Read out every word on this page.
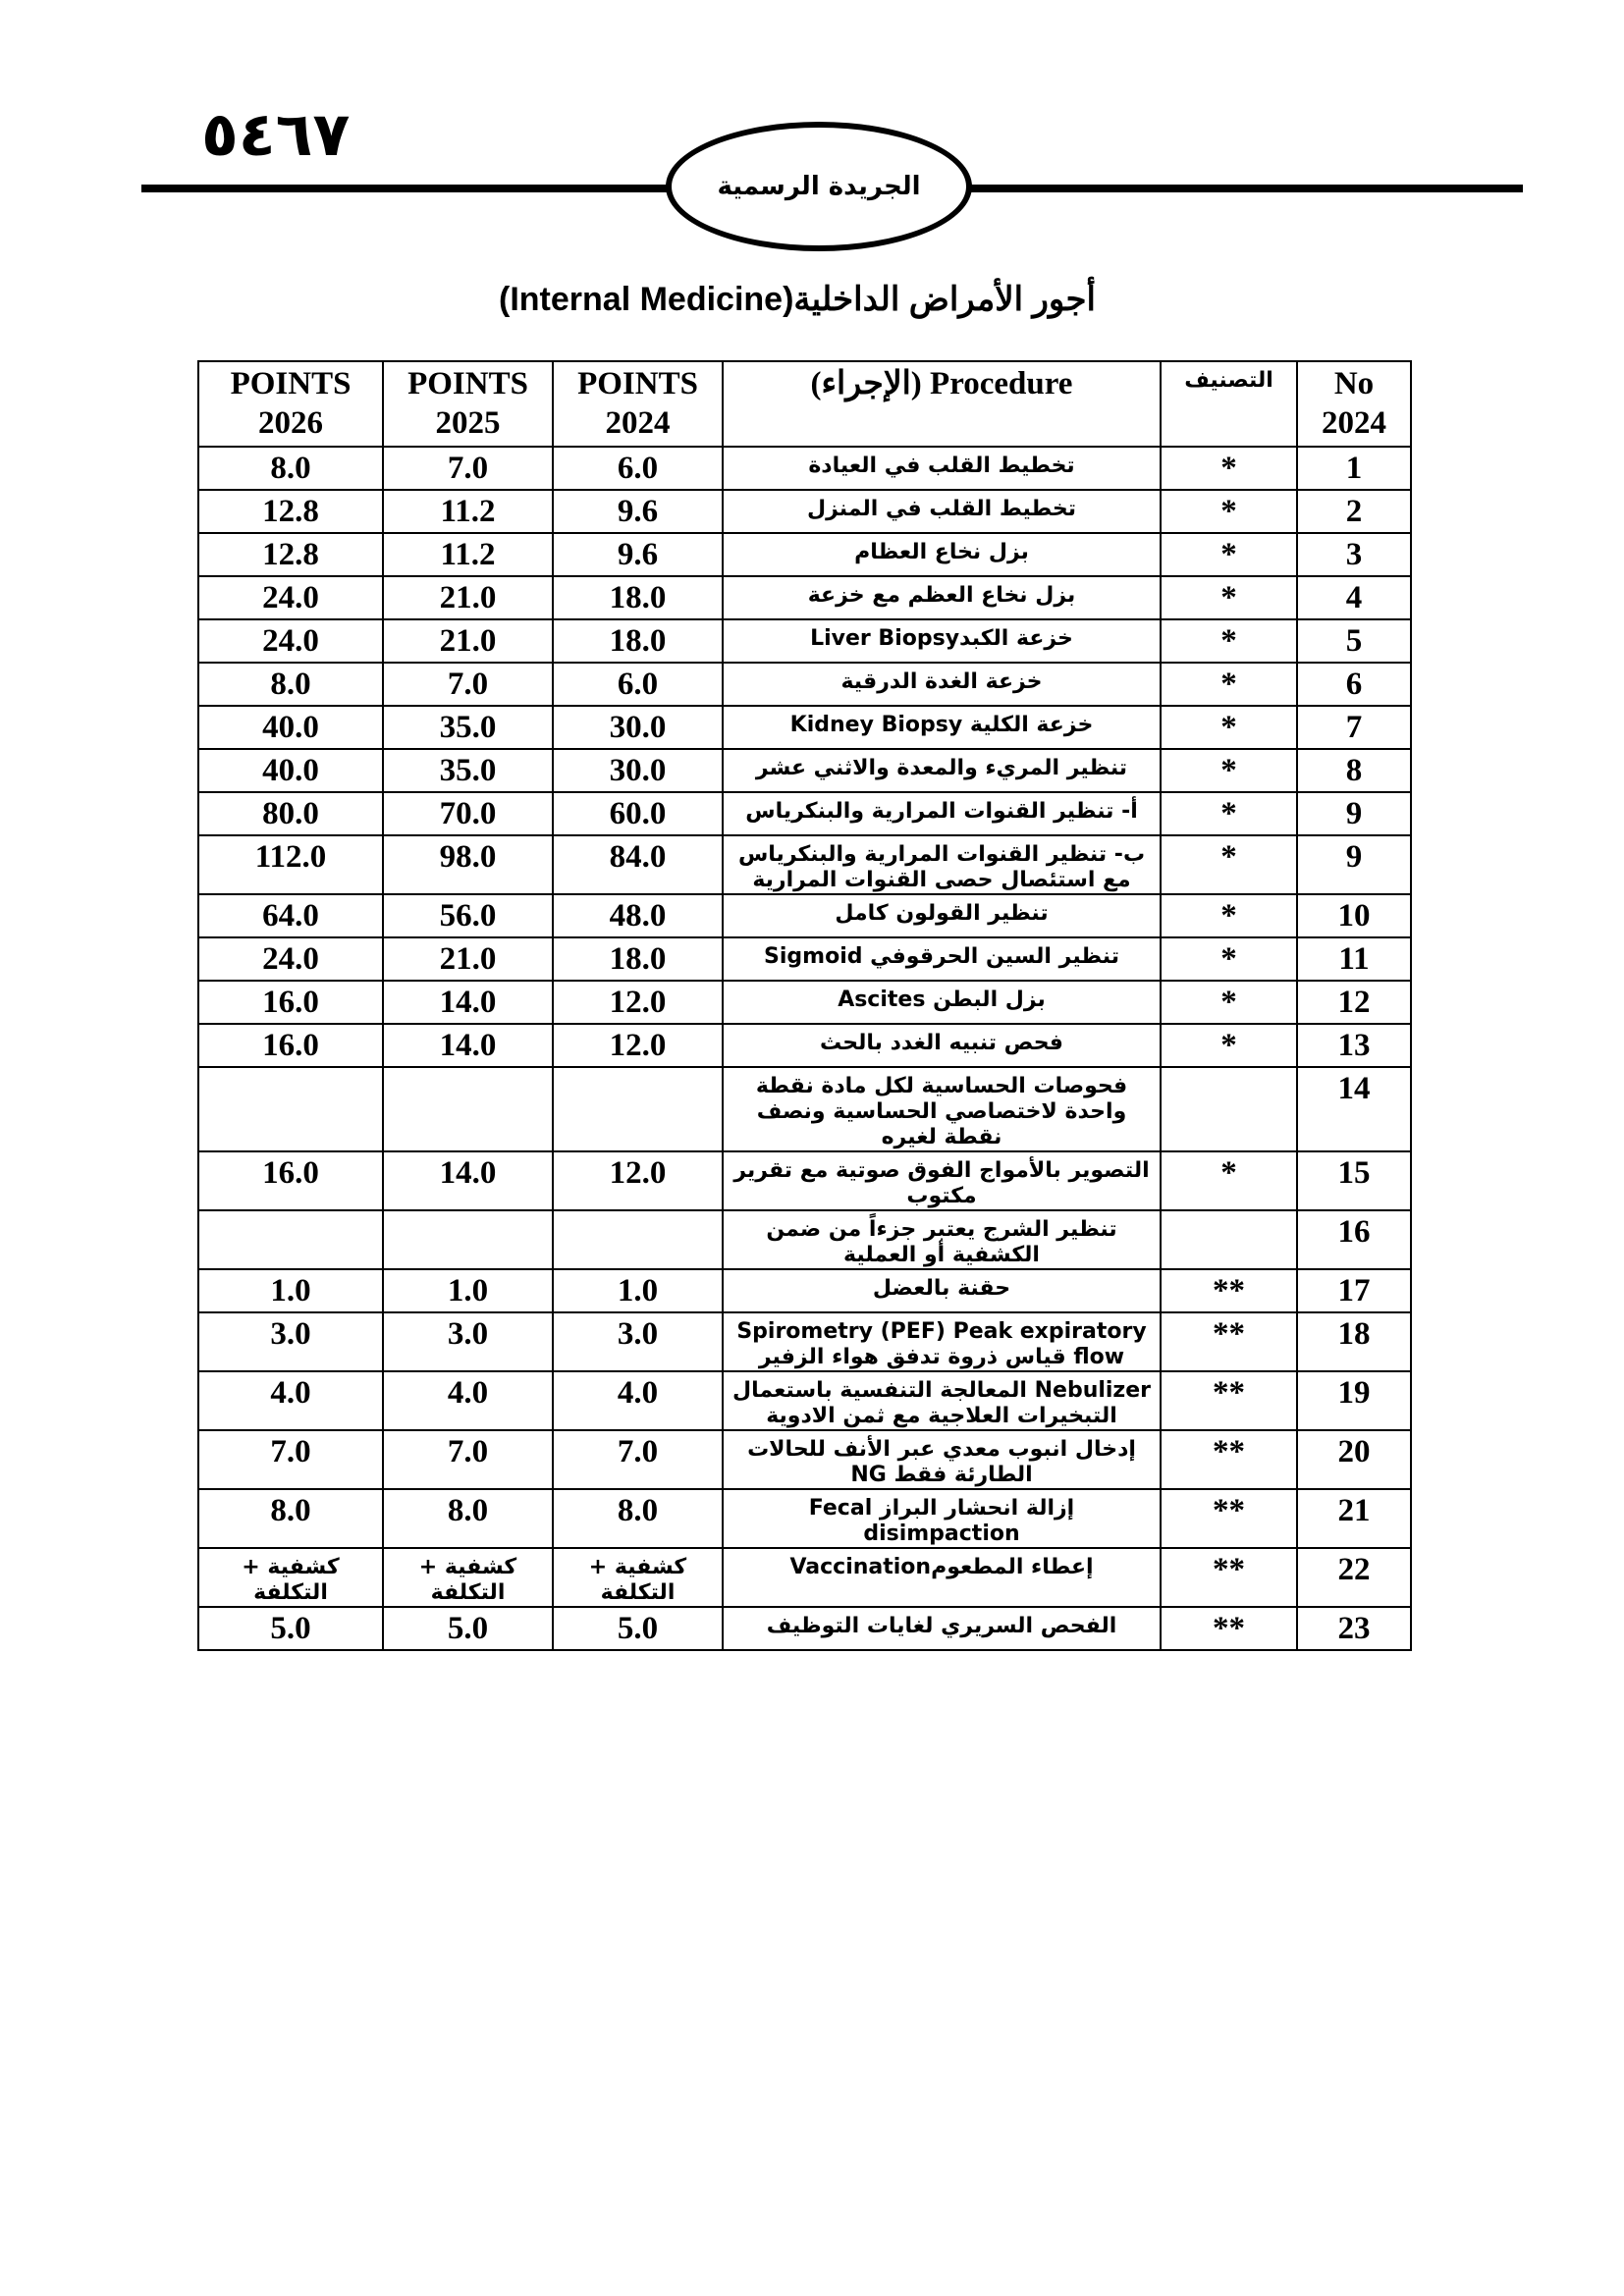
٥٤٦٧
الجريدة الرسمية
أجور الأمراض الداخلية(Internal Medicine)
No 2024	التصنيف	Procedure (الإجراء)	POINTS 2024	POINTS 2025	POINTS 2026
1	*	تخطيط القلب في العيادة	6.0	7.0	8.0
2	*	تخطيط القلب في المنزل	9.6	11.2	12.8
3	*	بزل نخاع العظام	9.6	11.2	12.8
4	*	بزل نخاع العظم مع خزعة	18.0	21.0	24.0
5	*	خزعة الكبدLiver Biopsy	18.0	21.0	24.0
6	*	خزعة الغدة الدرقية	6.0	7.0	8.0
7	*	خزعة الكلية Kidney Biopsy	30.0	35.0	40.0
8	*	تنظير المريء والمعدة والاثني عشر	30.0	35.0	40.0
9	*	أ- تنظير القنوات المرارية والبنكرياس	60.0	70.0	80.0
9	*	ب- تنظير القنوات المرارية والبنكرياس مع استئصال حصى القنوات المرارية	84.0	98.0	112.0
10	*	تنظير القولون كامل	48.0	56.0	64.0
11	*	تنظير السين الحرقوفي Sigmoid	18.0	21.0	24.0
12	*	بزل البطن Ascites	12.0	14.0	16.0
13	*	فحص تنبيه الغدد بالحث	12.0	14.0	16.0
14		فحوصات الحساسية لكل مادة نقطة واحدة لاختصاصي الحساسية ونصف نقطة لغيره			
15	*	التصوير بالأمواج الفوق صوتية مع تقرير مكتوب	12.0	14.0	16.0
16		تنظير الشرج يعتبر جزءاً من ضمن الكشفية أو العملية			
17	**	حقنة بالعضل	1.0	1.0	1.0
18	**	Spirometry (PEF) Peak expiratory flow قياس ذروة تدفق هواء الزفير	3.0	3.0	3.0
19	**	Nebulizer المعالجة التنفسية باستعمال التبخيرات العلاجية مع ثمن الادوية	4.0	4.0	4.0
20	**	إدخال انبوب معدي عبر الأنف للحالات الطارئة فقط NG	7.0	7.0	7.0
21	**	إزالة انحشار البراز Fecal disimpaction	8.0	8.0	8.0
22	**	إعطاء المطعومVaccination	كشفية + التكلفة	كشفية + التكلفة	كشفية + التكلفة
23	**	الفحص السريري لغايات التوظيف	5.0	5.0	5.0
